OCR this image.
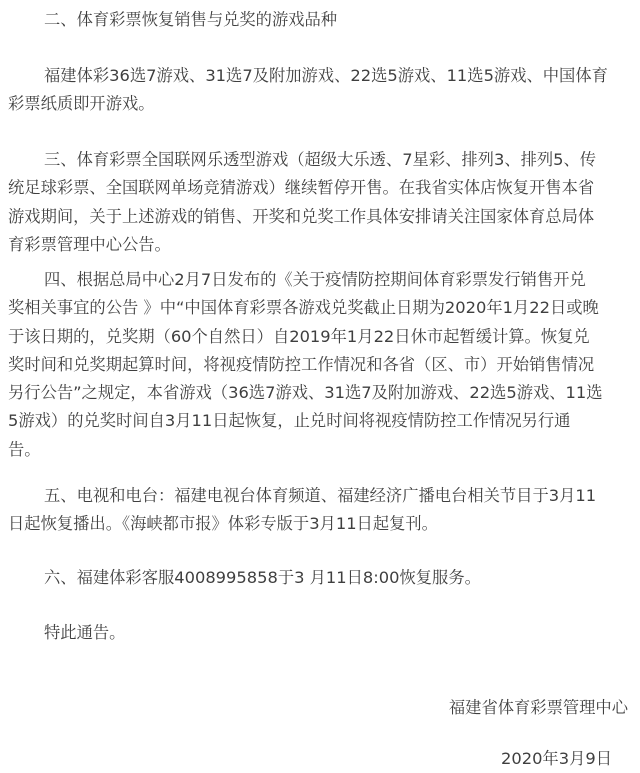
二、体育彩票恢复销售与兑奖的游戏品种

福建体彩36选7游戏、31选7及附加游戏、22选5游戏、11选5游戏、中国体育
彩票纸质即开游戏。

三、体育彩票全国联网乐透型游戏（超级大乐透、7星彩、排列3、排列5、传
统足球彩票、全国联网单场竞猜游戏）继续暂停开售。在我省实体店恢复开售本省
游戏期间，关于上述游戏的销售、开奖和兑奖工作具体安排请关注国家体育总局体
育彩票管理中心公告。

四、根据总局中心2月7日发布的《关于疫情防控期间体育彩票发行销售开兑
奖相关事宜的公告 》中“中国体育彩票各游戏兑奖截止日期为2020年1月22日或晚
于该日期的，兑奖期（60个自然日）自2019年1月22日休市起暂缓计算。恢复兑
奖时间和兑奖期起算时间，将视疫情防控工作情况和各省（区、市）开始销售情况
另行公告”之规定，本省游戏（36选7游戏、31选7及附加游戏、22选5游戏、11选
5游戏）的兑奖时间自3月11日起恢复，止兑时间将视疫情防控工作情况另行通
告。

五、电视和电台：福建电视台体育频道、福建经济广播电台相关节目于3月11
日起恢复播出。《海峡都市报》体彩专版于3月11日起复刊。

六、福建体彩客服4008995858于3 月11日8:00恢复服务。

特此通告。

福建省体育彩票管理中心
2020年3月9日
